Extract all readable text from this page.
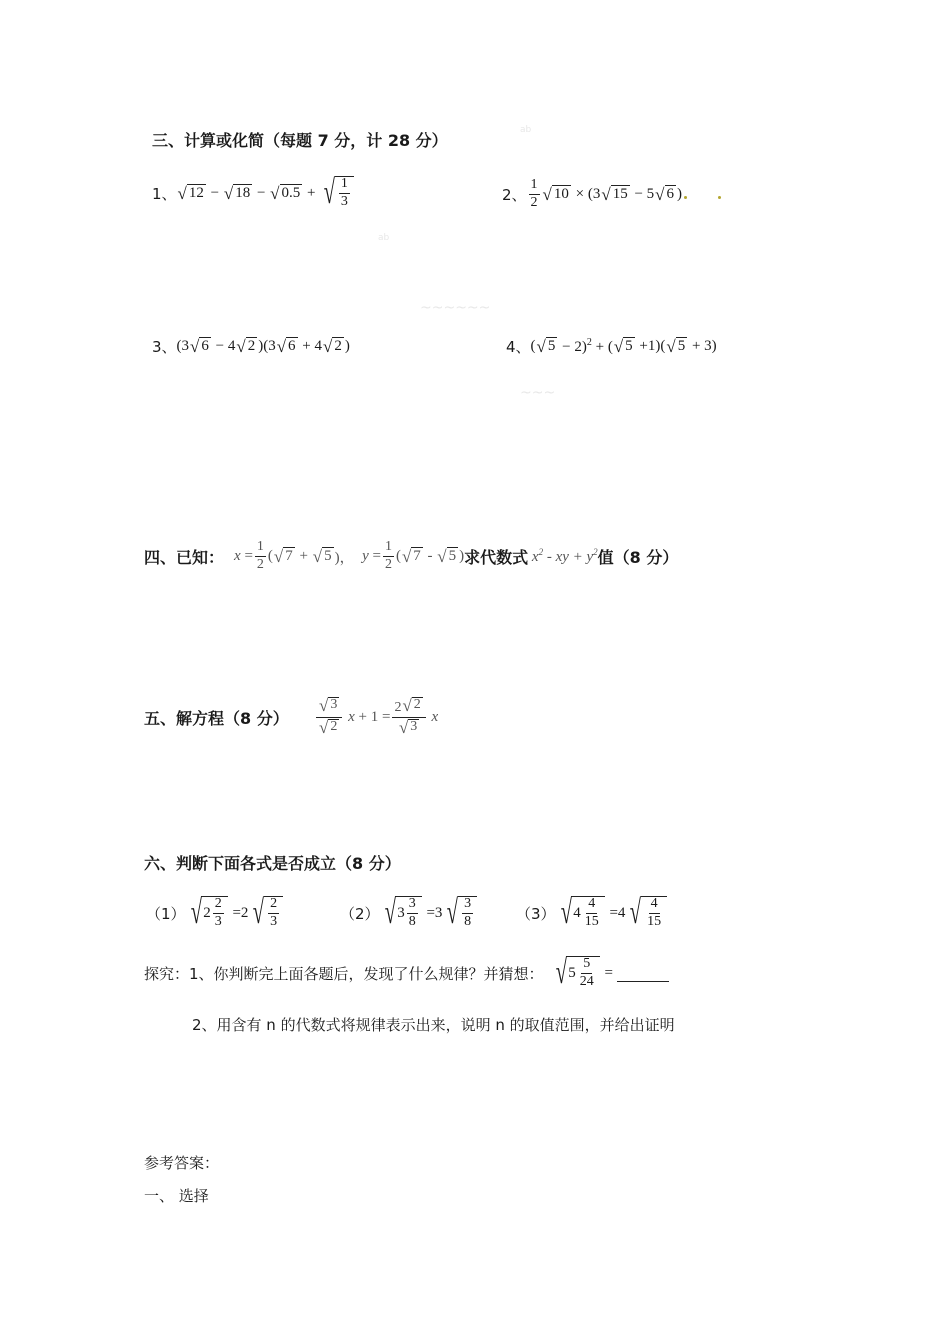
ab
ab
~~~~~~
~~~
三、计算或化简（每题 7 分，计 28 分）
1、 √ 12 − √ 18 − √ 0.5 + √ $\frac{1}{3}$	2、 $\frac{1}{2}$ √ 10 × (3 √ 15 − 5 √ 6 )
3、 (3 √ 6 − 4 √ 2 )(3 √ 6 + 4 √ 2 )	4、 ( √ 5 − 2)$^2$ + ( √ 5 +1)( √ 5 + 3)
四、已知： $x = \frac{1}{2}$ ( √ 7 + √ 5 )， $y = \frac{1}{2}$ ( √ 7 - √ 5 ) 求代数式 $x^2$ - xy + $y^2$ 值（8 分）
五、解方程（8 分） $\frac{√ 3}{√ 2}$ $x + 1 = \frac{2 √ 2}{√ 3}$ x
六、判断下面各式是否成立（8 分）
（1） √ $2 \frac{2}{3} =2$ √ $\frac{2}{3}$	（2） √ $3 \frac{3}{8} =3$ √ $\frac{3}{8}$	（3） √ $4 \frac{4}{15} =4$ √ $\frac{4}{15}$
探究：1、你判断完上面各题后，发现了什么规律？并猜想： √ $5 \frac{5}{24}$ =
2、用含有 n 的代数式将规律表示出来，说明 n 的取值范围，并给出证明
参考答案：
一、 选择
